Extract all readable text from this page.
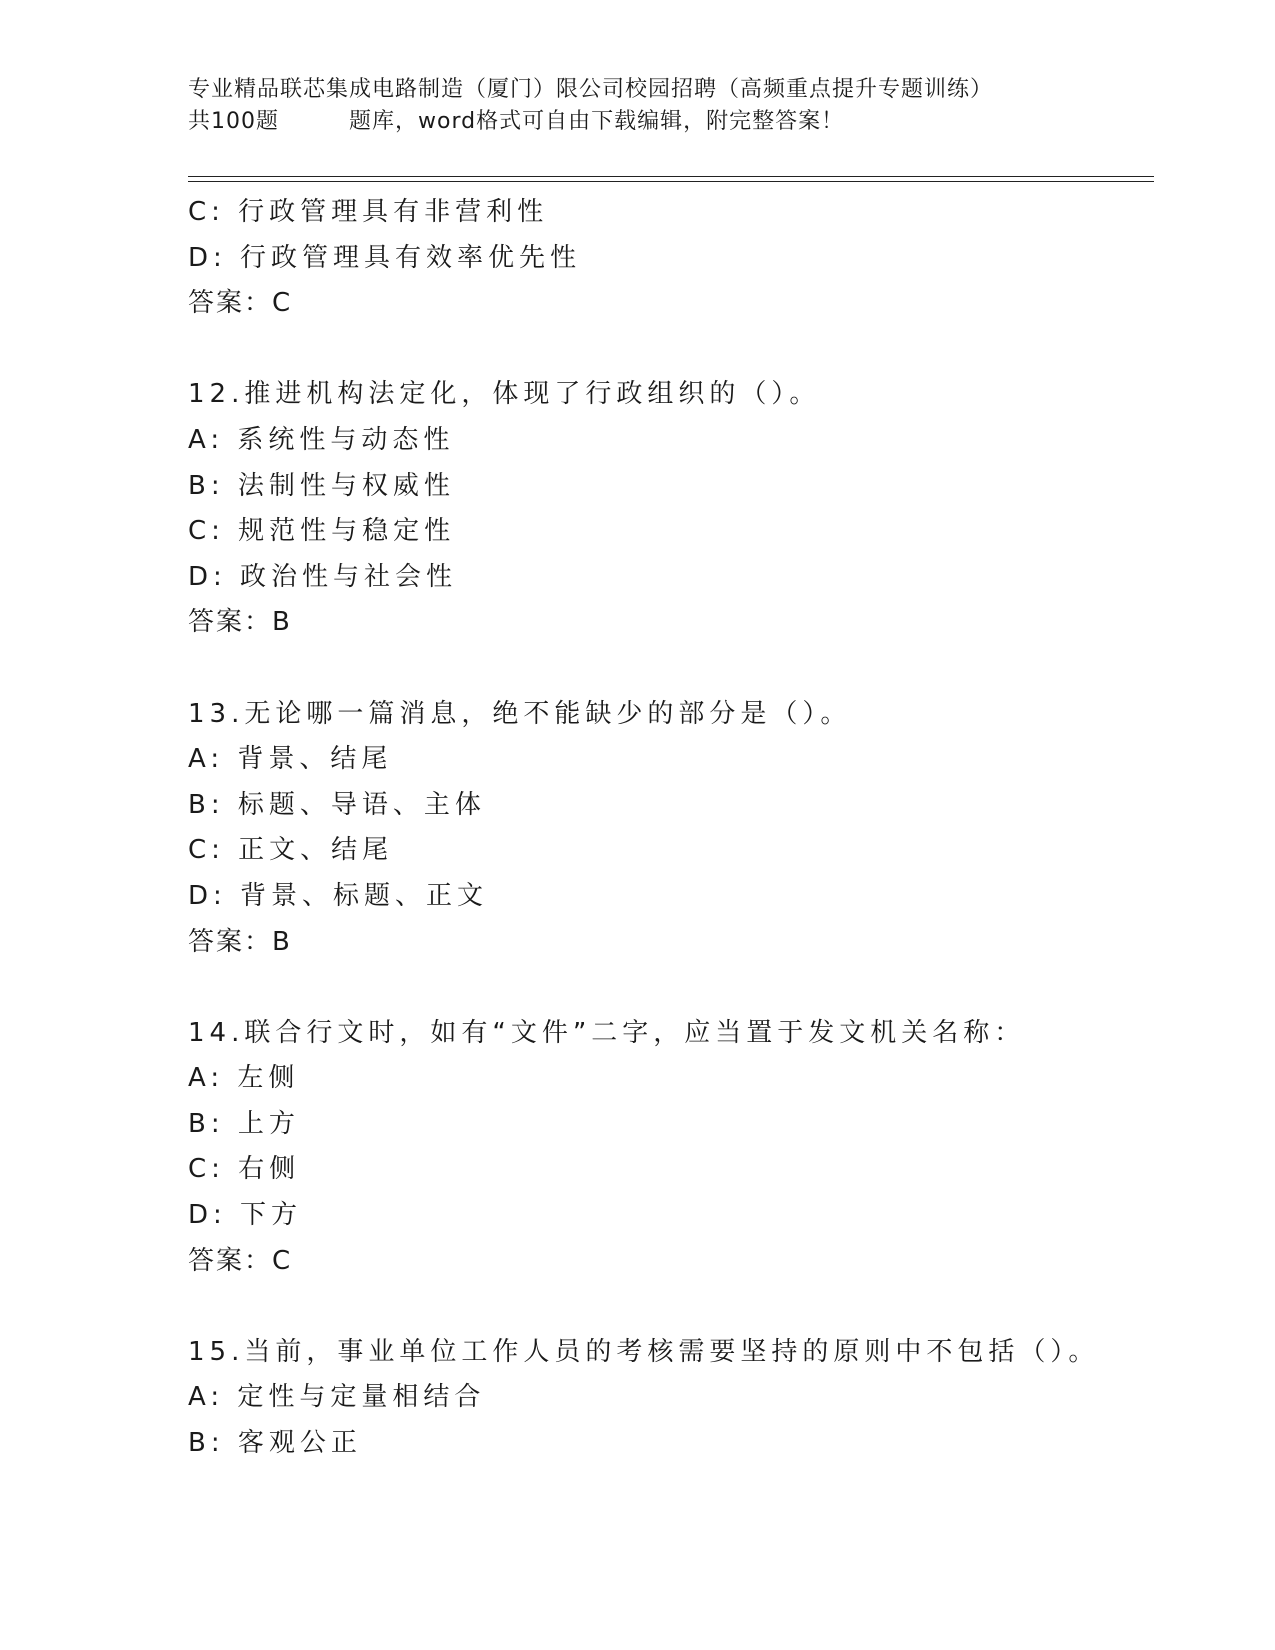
专业精品联芯集成电路制造（厦门）限公司校园招聘（高频重点提升专题训练）
共100题	题库，word格式可自由下载编辑，附完整答案！
C: 行政管理具有非营利性
D: 行政管理具有效率优先性
答案：C
12.推进机构法定化，体现了行政组织的（）。
A: 系统性与动态性
B: 法制性与权威性
C: 规范性与稳定性
D: 政治性与社会性
答案：B
13.无论哪一篇消息，绝不能缺少的部分是（）。
A: 背景、结尾
B: 标题、导语、主体
C: 正文、结尾
D: 背景、标题、正文
答案：B
14.联合行文时，如有“文件”二字，应当置于发文机关名称：
A: 左侧
B: 上方
C: 右侧
D: 下方
答案：C
15.当前，事业单位工作人员的考核需要坚持的原则中不包括（）。
A: 定性与定量相结合
B: 客观公正
